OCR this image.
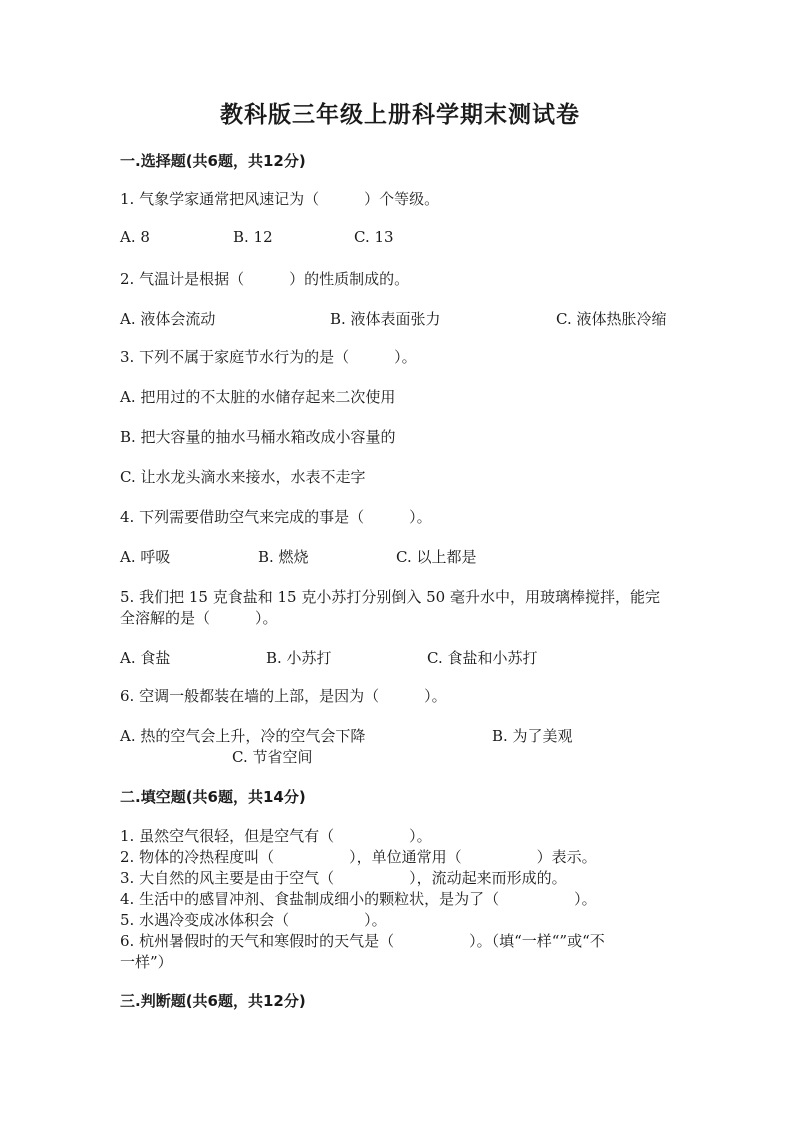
教科版三年级上册科学期末测试卷
一.选择题(共6题，共12分)
1. 气象学家通常把风速记为（　　　）个等级。
A. 8	B. 12	C. 13
2. 气温计是根据（　　　）的性质制成的。
A. 液体会流动	B. 液体表面张力	C. 液体热胀冷缩
3. 下列不属于家庭节水行为的是（　　　）。
A. 把用过的不太脏的水储存起来二次使用
B. 把大容量的抽水马桶水箱改成小容量的
C. 让水龙头滴水来接水，水表不走字
4. 下列需要借助空气来完成的事是（　　　）。
A. 呼吸	B. 燃烧	C. 以上都是
5. 我们把 15 克食盐和 15 克小苏打分别倒入 50 毫升水中，用玻璃棒搅拌，能完
全溶解的是（　　　）。
A. 食盐	B. 小苏打	C. 食盐和小苏打
6. 空调一般都装在墙的上部，是因为（　　　）。
A. 热的空气会上升，冷的空气会下降	B. 为了美观
C. 节省空间
二.填空题(共6题，共14分)
1. 虽然空气很轻，但是空气有（　　　　　）。
2. 物体的冷热程度叫（　　　　　），单位通常用（　　　　　）表示。
3. 大自然的风主要是由于空气（　　　　　），流动起来而形成的。
4. 生活中的感冒冲剂、食盐制成细小的颗粒状，是为了（　　　　　）。
5. 水遇冷变成冰体积会（　　　　　）。
6. 杭州暑假时的天气和寒假时的天气是（　　　　　）。（填“一样“”或“不
一样”）
三.判断题(共6题，共12分)
